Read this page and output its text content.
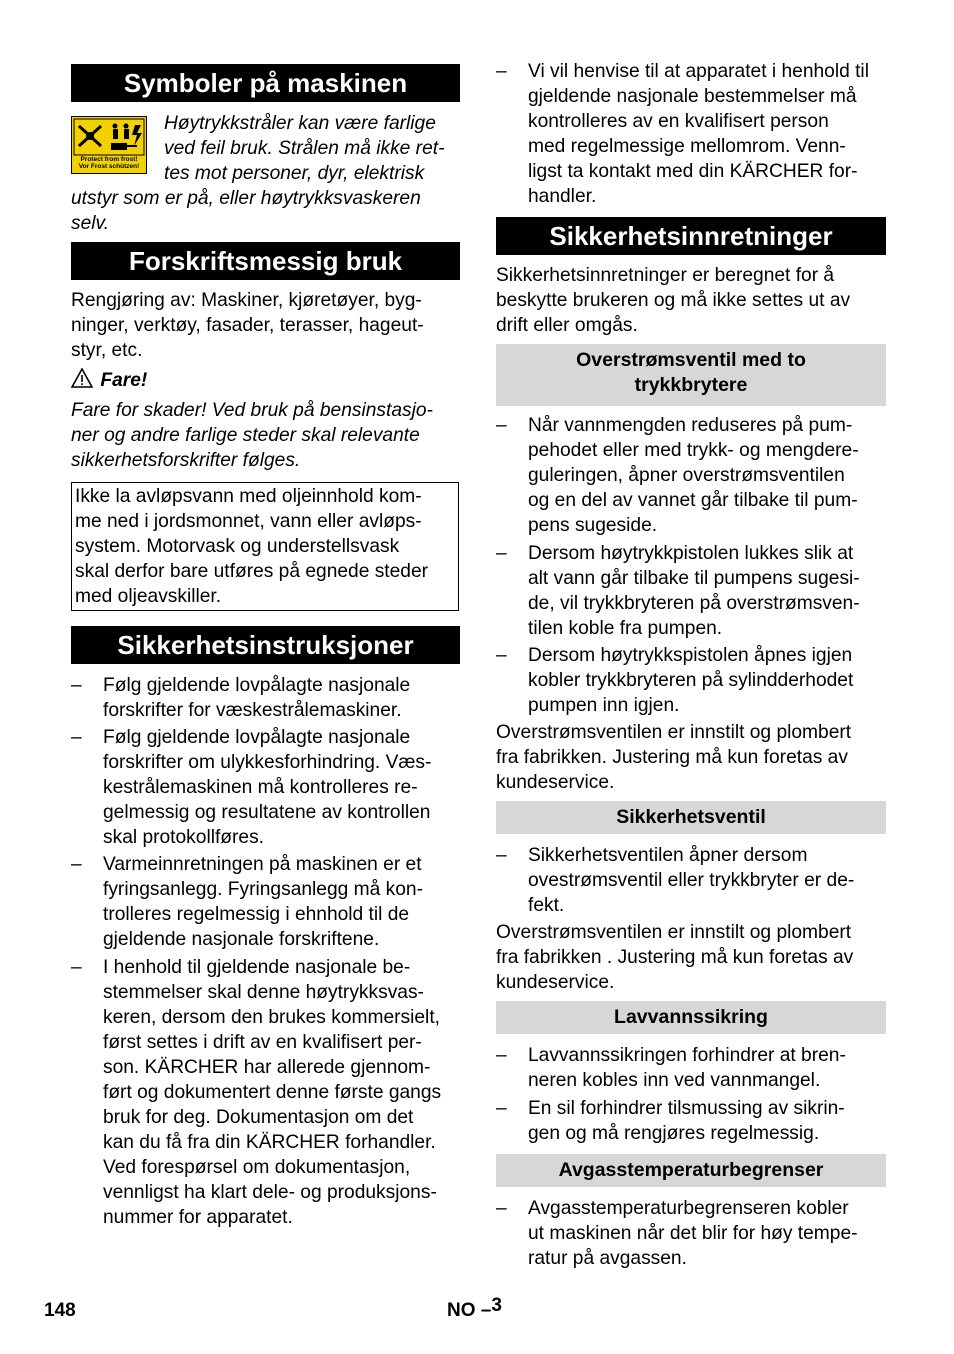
Symboler på maskinen
Protect from frost!
Vor Frost schützen!
Høytrykkstråler kan være farlige
ved feil bruk. Strålen må ikke ret-
tes mot personer, dyr, elektrisk
utstyr som er på, eller høytrykksvaskeren
selv.
Forskriftsmessig bruk
Rengjøring av: Maskiner, kjøretøyer, byg-
ninger, verktøy, fasader, terasser, hageut-
styr, etc.
Fare!
Fare for skader! Ved bruk på bensinstasjo-
ner og andre farlige steder skal relevante
sikkerhetsforskrifter følges.
Ikke la avløpsvann med oljeinnhold kom-
me ned i jordsmonnet, vann eller avløps-
system. Motorvask og understellsvask
skal derfor bare utføres på egnede steder
med oljeavskiller.
Sikkerhetsinstruksjoner
– Følg gjeldende lovpålagte nasjonale
forskrifter for væskestrålemaskiner.
– Følg gjeldende lovpålagte nasjonale
forskrifter om ulykkesforhindring. Væs-
kestrålemaskinen må kontrolleres re-
gelmessig og resultatene av kontrollen
skal protokollføres.
– Varmeinnretningen på maskinen er et
fyringsanlegg. Fyringsanlegg må kon-
trolleres regelmessig i ehnhold til de
gjeldende nasjonale forskriftene.
– I henhold til gjeldende nasjonale be-
stemmelser skal denne høytrykksvas-
keren, dersom den brukes kommersielt,
først settes i drift av en kvalifisert per-
son. KÄRCHER har allerede gjennom-
ført og dokumentert denne første gangs
bruk for deg. Dokumentasjon om det
kan du få fra din KÄRCHER forhandler.
Ved forespørsel om dokumentasjon,
vennligst ha klart dele- og produksjons-
nummer for apparatet.
– Vi vil henvise til at apparatet i henhold til
gjeldende nasjonale bestemmelser må
kontrolleres av en kvalifisert person
med regelmessige mellomrom. Venn-
ligst ta kontakt med din KÄRCHER for-
handler.
Sikkerhetsinnretninger
Sikkerhetsinnretninger er beregnet for å
beskytte brukeren og må ikke settes ut av
drift eller omgås.
Overstrømsventil med to
trykkbrytere
– Når vannmengden reduseres på pum-
pehodet eller med trykk- og mengdere-
guleringen, åpner overstrømsventilen
og en del av vannet går tilbake til pum-
pens sugeside.
– Dersom høytrykkpistolen lukkes slik at
alt vann går tilbake til pumpens sugesi-
de, vil trykkbryteren på overstrømsven-
tilen koble fra pumpen.
– Dersom høytrykkspistolen åpnes igjen
kobler trykkbryteren på sylindderhodet
pumpen inn igjen.
Overstrømsventilen er innstilt og plombert
fra fabrikken. Justering må kun foretas av
kundeservice.
Sikkerhetsventil
– Sikkerhetsventilen åpner dersom
ovestrømsventil eller trykkbryter er de-
fekt.
Overstrømsventilen er innstilt og plombert
fra fabrikken . Justering må kun foretas av
kundeservice.
Lavvannssikring
– Lavvannssikringen forhindrer at bren-
neren kobles inn ved vannmangel.
– En sil forhindrer tilsmussing av sikrin-
gen og må rengjøres regelmessig.
Avgasstemperaturbegrenser
– Avgasstemperaturbegrenseren kobler
ut maskinen når det blir for høy tempe-
ratur på avgassen.
148	NO –3
